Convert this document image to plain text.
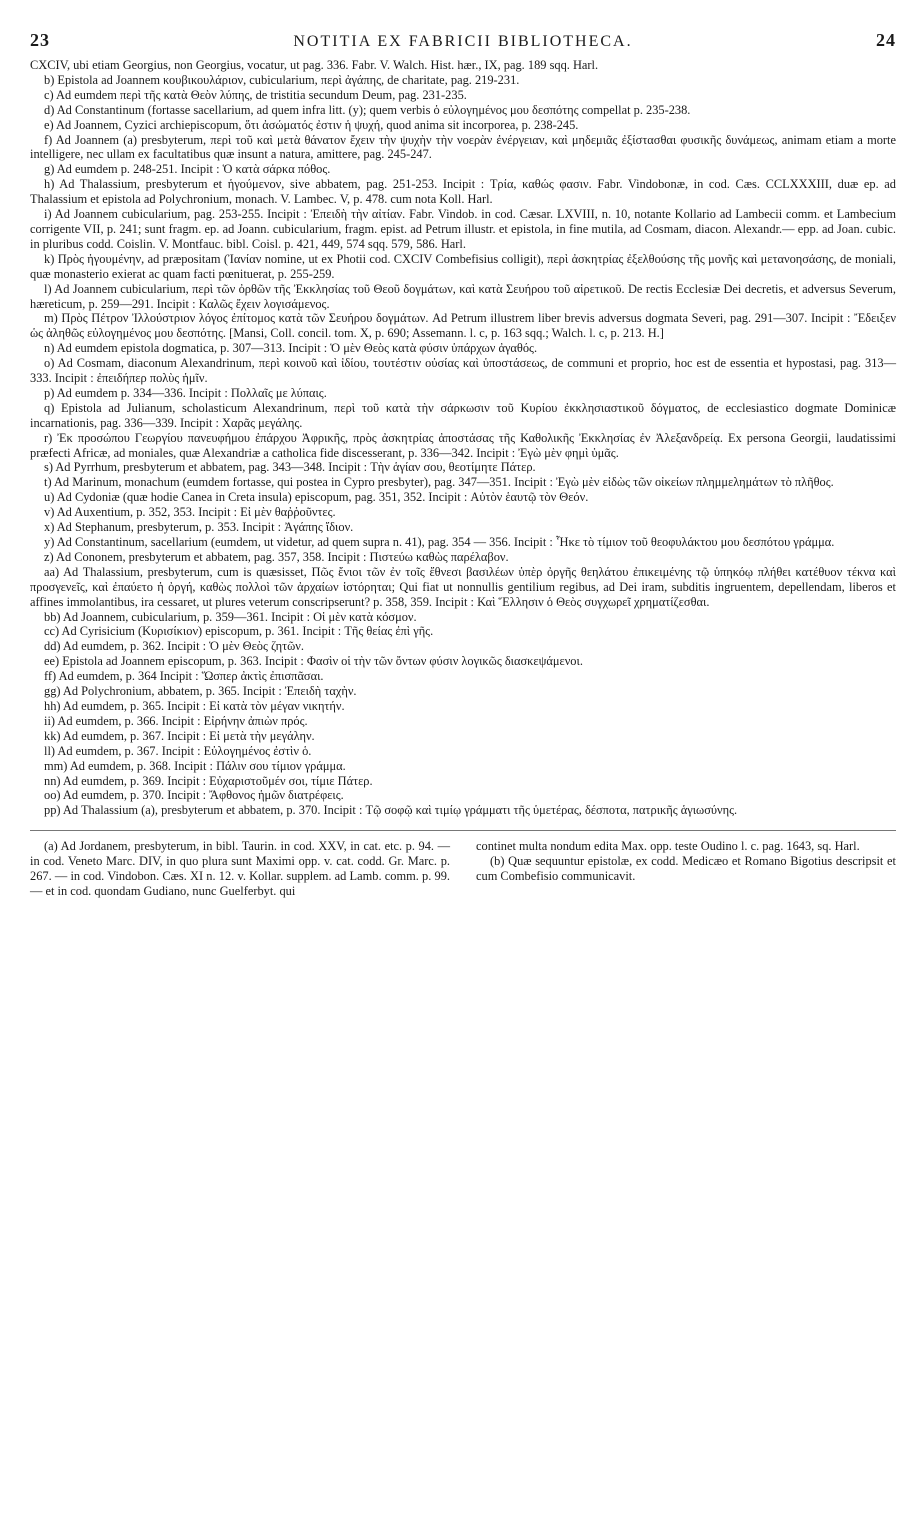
23	NOTITIA EX FABRICII BIBLIOTHECA.	24

CXCIV, ubi etiam Georgius, non Georgius, vocatur, ut pag. 336. Fabr. V. Walch. Hist. hær., IX, pag. 189 sqq. Harl.

b) Epistola ad Joannem κουβικουλάριον, cubicularium, περὶ ἀγάπης, de charitate, pag. 219-231.

c) Ad eumdem περὶ τῆς κατὰ Θεὸν λύπης, de tristitia secundum Deum, pag. 231-235.

d) Ad Constantinum (fortasse sacellarium, ad quem infra litt. (y); quem verbis ὁ εὐλογημένος μου δεσπότης compellat p. 235-238.

e) Ad Joannem, Cyzici archiepiscopum, ὅτι ἀσώματός ἐστιν ἡ ψυχή, quod anima sit incorporea, p. 238-245.

f) Ad Joannem (a) presbyterum, περὶ τοῦ καὶ μετὰ θάνατον ἔχειν τὴν ψυχὴν τὴν νοερὰν ἐνέργειαν, καὶ μηδεμιᾶς ἐξίστασθαι φυσικῆς δυνάμεως, animam etiam a morte intelligere, nec ullam ex facultatibus quæ insunt a natura, amittere, pag. 245-247.

g) Ad eumdem p. 248-251. Incipit : Ὁ κατὰ σάρκα πόθος.

h) Ad Thalassium, presbyterum et ἡγούμενον, sive abbatem, pag. 251-253. Incipit : Τρία, καθώς φασιν. Fabr. Vindobonæ, in cod. Cæs. CCLXXXIII, duæ ep. ad Thalassium et epistola ad Polychronium, monach. V. Lambec. V, p. 478. cum nota Koll. Harl.

i) Ad Joannem cubicularium, pag. 253-255. Incipit : Ἐπειδὴ τὴν αἰτίαν. Fabr. Vindob. in cod. Cæsar. LXVIII, n. 10, notante Kollario ad Lambecii comm. et Lambecium corrigente VII, p. 241; sunt fragm. ep. ad Joann. cubicularium, fragm. epist. ad Petrum illustr. et epistola, in fine mutila, ad Cosmam, diacon. Alexandr.— epp. ad Joan. cubic. in pluribus codd. Coislin. V. Montfauc. bibl. Coisl. p. 421, 449, 574 sqq. 579, 586. Harl.

k) Πρὸς ἡγουμένην, ad præpositam (Ἰανίαν nomine, ut ex Photii cod. CXCIV Combefisius colligit), περὶ ἀσκητρίας ἐξελθούσης τῆς μονῆς καὶ μετανοησάσης, de moniali, quæ monasterio exierat ac quam facti pœnituerat, p. 255-259.

l) Ad Joannem cubicularium, περὶ τῶν ὀρθῶν τῆς Ἐκκλησίας τοῦ Θεοῦ δογμάτων, καὶ κατὰ Σευήρου τοῦ αἱρετικοῦ. De rectis Ecclesiæ Dei decretis, et adversus Severum, hæreticum, p. 259—291. Incipit : Καλῶς ἔχειν λογισάμενος.

m) Πρὸς Πέτρον Ἰλλούστριον λόγος ἐπίτομος κατὰ τῶν Σευήρου δογμάτων. Ad Petrum illustrem liber brevis adversus dogmata Severi, pag. 291—307. Incipit : Ἔδειξεν ὡς ἀληθῶς εὐλογημένος μου δεσπότης. [Mansi, Coll. concil. tom. X, p. 690; Assemann. l. c, p. 163 sqq.; Walch. l. c, p. 213. H.]

n) Ad eumdem epistola dogmatica, p. 307—313. Incipit : Ὁ μὲν Θεὸς κατὰ φύσιν ὑπάρχων ἀγαθός.

o) Ad Cosmam, diaconum Alexandrinum, περὶ κοινοῦ καὶ ἰδίου, τουτέστιν οὐσίας καὶ ὑποστάσεως, de communi et proprio, hoc est de essentia et hypostasi, pag. 313—333. Incipit : ἐπειδήπερ πολὺς ἡμῖν.

p) Ad eumdem p. 334—336. Incipit : Πολλαῖς με λύπαις.

q) Epistola ad Julianum, scholasticum Alexandrinum, περὶ τοῦ κατὰ τὴν σάρκωσιν τοῦ Κυρίου ἐκκλησιαστικοῦ δόγματος, de ecclesiastico dogmate Dominicæ incarnationis, pag. 336—339. Incipit : Χαρᾶς μεγάλης.

r) Ἐκ προσώπου Γεωργίου πανευφήμου ἐπάρχου Ἀφρικῆς, πρὸς ἀσκητρίας ἀποστάσας τῆς Καθολικῆς Ἐκκλησίας ἐν Ἀλεξανδρείᾳ. Ex persona Georgii, laudatissimi præfecti Africæ, ad moniales, quæ Alexandriæ a catholica fide discesserant, p. 336—342. Incipit : Ἐγὼ μὲν φημὶ ὑμᾶς.

s) Ad Pyrrhum, presbyterum et abbatem, pag. 343—348. Incipit : Τὴν ἁγίαν σου, θεοτίμητε Πάτερ.

t) Ad Marinum, monachum (eumdem fortasse, qui postea in Cypro presbyter), pag. 347—351. Incipit : Ἐγὼ μὲν εἰδὼς τῶν οἰκείων πλημμελημάτων τὸ πλῆθος.

u) Ad Cydoniæ (quæ hodie Canea in Creta insula) episcopum, pag. 351, 352. Incipit : Αὐτὸν ἑαυτῷ τὸν Θεόν.

v) Ad Auxentium, p. 352, 353. Incipit : Εἰ μὲν θαῤῥοῦντες.

x) Ad Stephanum, presbyterum, p. 353. Incipit : Ἀγάπης ἴδιον.

y) Ad Constantinum, sacellarium (eumdem, ut videtur, ad quem supra n. 41), pag. 354 — 356. Incipit : Ἧκε τὸ τίμιον τοῦ θεοφυλάκτου μου δεσπότου γράμμα.

z) Ad Cononem, presbyterum et abbatem, pag. 357, 358. Incipit : Πιστεύω καθὼς παρέλαβον.

aa) Ad Thalassium, presbyterum, cum is quæsisset, Πῶς ἔνιοι τῶν ἐν τοῖς ἔθνεσι βασιλέων ὑπὲρ ὀργῆς θεηλάτου ἐπικειμένης τῷ ὑπηκόῳ πλήθει κατέθυον τέκνα καὶ προσγενεῖς, καὶ ἐπαύετο ἡ ὀργή, καθὼς πολλοὶ τῶν ἀρχαίων ἱστόρηται; Qui fiat ut nonnullis gentilium regibus, ad Dei iram, subditis ingruentem, depellendam, liberos et affines immolantibus, ira cessaret, ut plures veterum conscripserunt? p. 358, 359. Incipit : Καὶ Ἕλλησιν ὁ Θεὸς συγχωρεῖ χρηματίζεσθαι.

bb) Ad Joannem, cubicularium, p. 359—361. Incipit : Οἱ μὲν κατὰ κόσμον.

cc) Ad Cyrisicium (Κυρισίκιον) episcopum, p. 361. Incipit : Τῆς θείας ἐπὶ γῆς.

dd) Ad eumdem, p. 362. Incipit : Ὁ μὲν Θεὸς ζητῶν.

ee) Epistola ad Joannem episcopum, p. 363. Incipit : Φασὶν οἱ τὴν τῶν ὄντων φύσιν λογικῶς διασκεψάμενοι.

ff) Ad eumdem, p. 364 Incipit : Ὥσπερ ἀκτὶς ἐπισπᾶσαι.

gg) Ad Polychronium, abbatem, p. 365. Incipit : Ἐπειδὴ ταχὴν.

hh) Ad eumdem, p. 365. Incipit : Εἰ κατὰ τὸν μέγαν νικητήν.

ii) Ad eumdem, p. 366. Incipit : Εἰρήνην ἀπιὼν πρός.

kk) Ad eumdem, p. 367. Incipit : Εἰ μετὰ τὴν μεγάλην.

ll) Ad eumdem, p. 367. Incipit : Εὐλογημένος ἐστὶν ὁ.

mm) Ad eumdem, p. 368. Incipit : Πάλιν σου τίμιον γράμμα.

nn) Ad eumdem, p. 369. Incipit : Εὐχαριστοῦμέν σοι, τίμιε Πάτερ.

oo) Ad eumdem, p. 370. Incipit : Ἄφθονος ἡμῶν διατρέφεις.

pp) Ad Thalassium (a), presbyterum et abbatem, p. 370. Incipit : Τῷ σοφῷ καὶ τιμίῳ γράμματι τῆς ὑμετέρας, δέσποτα, πατρικῆς ἁγιωσύνης.

(a) Ad Jordanem, presbyterum, in bibl. Taurin. in cod. XXV, in cat. etc. p. 94. — in cod. Veneto Marc. DIV, in quo plura sunt Maximi opp. v. cat. codd. Gr. Marc. p. 267. — in cod. Vindobon. Cæs. XI n. 12. v. Kollar. supplem. ad Lamb. comm. p. 99. — et in cod. quondam Gudiano, nunc Guelferbyt. qui

continet multa nondum edita Max. opp. teste Oudino l. c. pag. 1643, sq. Harl.

(b) Quæ sequuntur epistolæ, ex codd. Medicæo et Romano Bigotius descripsit et cum Combefisio communicavit.
